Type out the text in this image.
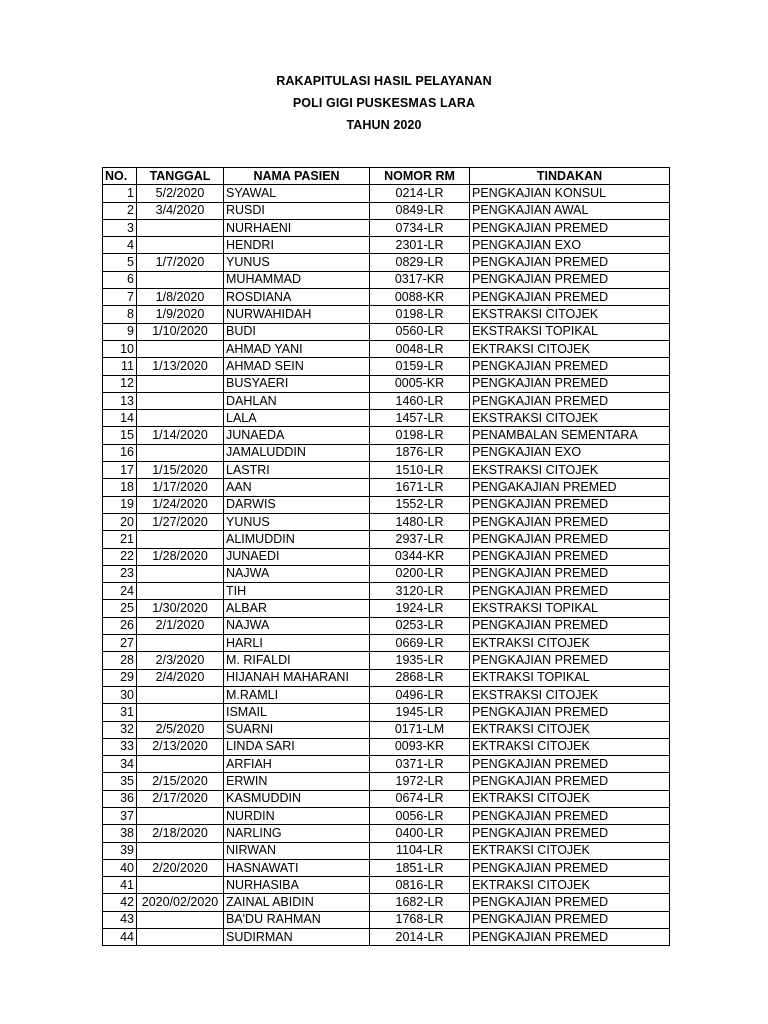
RAKAPITULASI HASIL PELAYANAN
POLI GIGI PUSKESMAS LARA
TAHUN 2020
NO.	TANGGAL	NAMA PASIEN	NOMOR RM	TINDAKAN
1	5/2/2020	SYAWAL	0214-LR	PENGKAJIAN KONSUL
2	3/4/2020	RUSDI	0849-LR	PENGKAJIAN AWAL
3		NURHAENI	0734-LR	PENGKAJIAN PREMED
4		HENDRI	2301-LR	PENGKAJIAN EXO
5	1/7/2020	YUNUS	0829-LR	PENGKAJIAN PREMED
6		MUHAMMAD	0317-KR	PENGKAJIAN PREMED
7	1/8/2020	ROSDIANA	0088-KR	PENGKAJIAN PREMED
8	1/9/2020	NURWAHIDAH	0198-LR	EKSTRAKSI CITOJEK
9	1/10/2020	BUDI	0560-LR	EKSTRAKSI TOPIKAL
10		AHMAD YANI	0048-LR	EKTRAKSI CITOJEK
11	1/13/2020	AHMAD SEIN	0159-LR	PENGKAJIAN PREMED
12		BUSYAERI	0005-KR	PENGKAJIAN PREMED
13		DAHLAN	1460-LR	PENGKAJIAN PREMED
14		LALA	1457-LR	EKSTRAKSI CITOJEK
15	1/14/2020	JUNAEDA	0198-LR	PENAMBALAN SEMENTARA
16		JAMALUDDIN	1876-LR	PENGKAJIAN EXO
17	1/15/2020	LASTRI	1510-LR	EKSTRAKSI CITOJEK
18	1/17/2020	AAN	1671-LR	PENGAKAJIAN PREMED
19	1/24/2020	DARWIS	1552-LR	PENGKAJIAN PREMED
20	1/27/2020	YUNUS	1480-LR	PENGKAJIAN PREMED
21		ALIMUDDIN	2937-LR	PENGKAJIAN PREMED
22	1/28/2020	JUNAEDI	0344-KR	PENGKAJIAN PREMED
23		NAJWA	0200-LR	PENGKAJIAN PREMED
24		TIH	3120-LR	PENGKAJIAN PREMED
25	1/30/2020	ALBAR	1924-LR	EKSTRAKSI TOPIKAL
26	2/1/2020	NAJWA	0253-LR	PENGKAJIAN PREMED
27		HARLI	0669-LR	EKTRAKSI CITOJEK
28	2/3/2020	M. RIFALDI	1935-LR	PENGKAJIAN PREMED
29	2/4/2020	HIJANAH MAHARANI	2868-LR	EKTRAKSI TOPIKAL
30		M.RAMLI	0496-LR	EKSTRAKSI CITOJEK
31		ISMAIL	1945-LR	PENGKAJIAN PREMED
32	2/5/2020	SUARNI	0171-LM	EKTRAKSI CITOJEK
33	2/13/2020	LINDA SARI	0093-KR	EKTRAKSI CITOJEK
34		ARFIAH	0371-LR	PENGKAJIAN PREMED
35	2/15/2020	ERWIN	1972-LR	PENGKAJIAN PREMED
36	2/17/2020	KASMUDDIN	0674-LR	EKTRAKSI CITOJEK
37		NURDIN	0056-LR	PENGKAJIAN PREMED
38	2/18/2020	NARLING	0400-LR	PENGKAJIAN PREMED
39		NIRWAN	1104-LR	EKTRAKSI CITOJEK
40	2/20/2020	HASNAWATI	1851-LR	PENGKAJIAN PREMED
41		NURHASIBA	0816-LR	EKTRAKSI CITOJEK
42	2020/02/2020	ZAINAL ABIDIN	1682-LR	PENGKAJIAN PREMED
43		BA'DU RAHMAN	1768-LR	PENGKAJIAN PREMED
44		SUDIRMAN	2014-LR	PENGKAJIAN PREMED
